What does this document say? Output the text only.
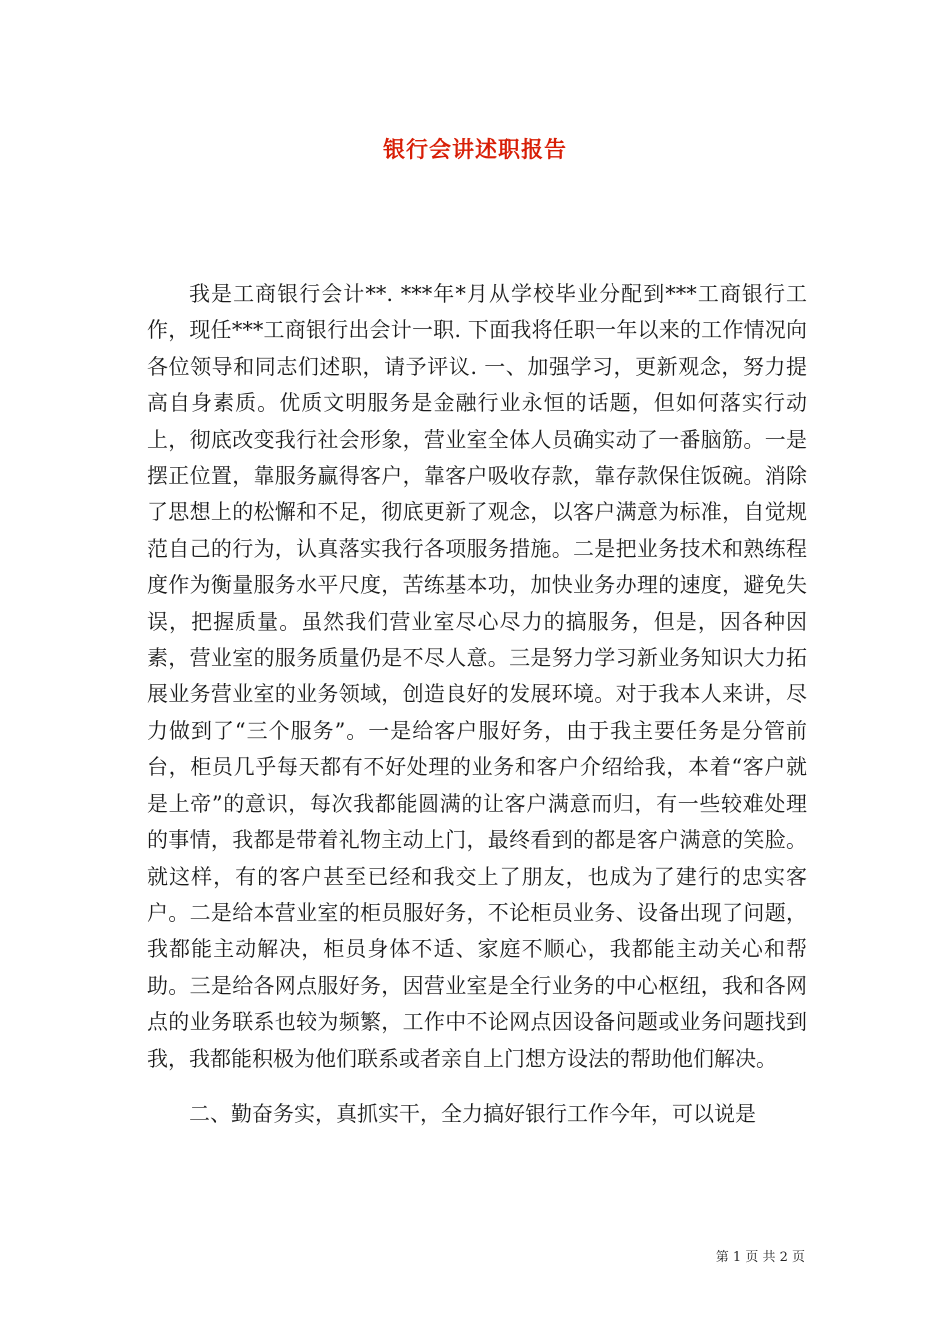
银行会讲述职报告

我是工商银行会计**. ***年*月从学校毕业分配到***工商银行工作，现任***工商银行出会计一职. 下面我将任职一年以来的工作情况向各位领导和同志们述职，请予评议. 一、加强学习，更新观念，努力提高自身素质。优质文明服务是金融行业永恒的话题，但如何落实行动上，彻底改变我行社会形象，营业室全体人员确实动了一番脑筋。一是摆正位置，靠服务赢得客户，靠客户吸收存款，靠存款保住饭碗。消除了思想上的松懈和不足，彻底更新了观念，以客户满意为标准，自觉规范自己的行为，认真落实我行各项服务措施。二是把业务技术和熟练程度作为衡量服务水平尺度，苦练基本功，加快业务办理的速度，避免失误，把握质量。虽然我们营业室尽心尽力的搞服务，但是，因各种因素，营业室的服务质量仍是不尽人意。三是努力学习新业务知识大力拓展业务营业室的业务领域，创造良好的发展环境。对于我本人来讲，尽力做到了“三个服务”。一是给客户服好务，由于我主要任务是分管前台，柜员几乎每天都有不好处理的业务和客户介绍给我，本着“客户就是上帝”的意识，每次我都能圆满的让客户满意而归，有一些较难处理的事情，我都是带着礼物主动上门，最终看到的都是客户满意的笑脸。就这样，有的客户甚至已经和我交上了朋友，也成为了建行的忠实客户。二是给本营业室的柜员服好务，不论柜员业务、设备出现了问题，我都能主动解决，柜员身体不适、家庭不顺心，我都能主动关心和帮助。三是给各网点服好务，因营业室是全行业务的中心枢纽，我和各网点的业务联系也较为频繁，工作中不论网点因设备问题或业务问题找到我，我都能积极为他们联系或者亲自上门想方设法的帮助他们解决。

二、勤奋务实，真抓实干，全力搞好银行工作今年，可以说是

第 1 页 共 2 页
